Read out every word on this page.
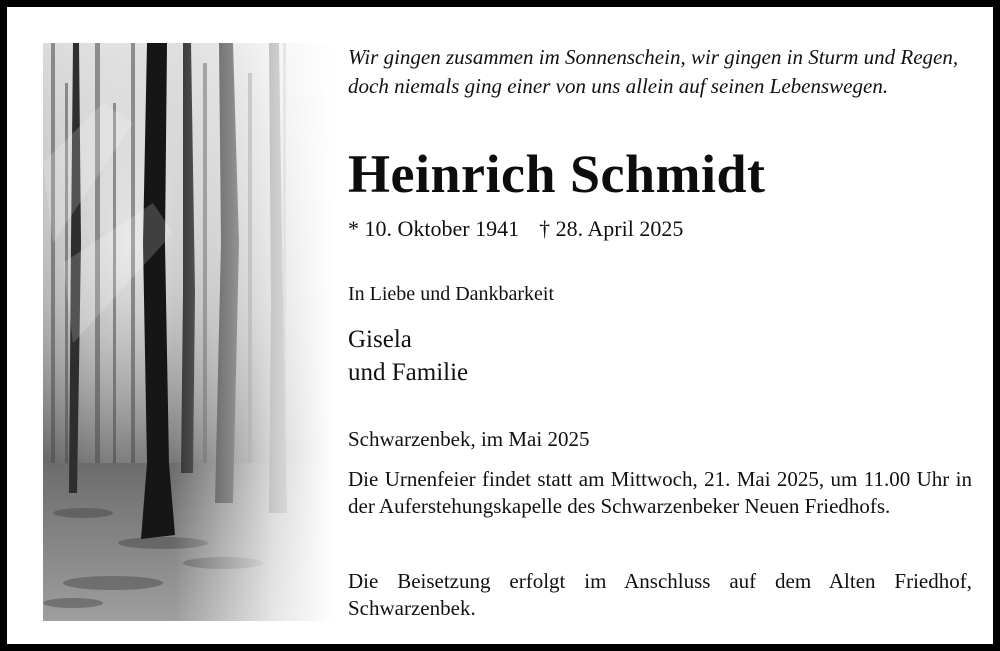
Wir gingen zusammen im Sonnenschein, wir gingen in Sturm und Regen,
doch niemals ging einer von uns allein auf seinen Lebenswegen.
Heinrich Schmidt
* 10. Oktober 1941 † 28. April 2025
In Liebe und Dankbarkeit
Gisela
und Familie
Schwarzenbek, im Mai 2025
Die Urnenfeier findet statt am Mittwoch, 21. Mai 2025, um 11.00 Uhr in der Auferstehungskapelle des Schwarzenbeker Neuen Friedhofs.
Die Beisetzung erfolgt im Anschluss auf dem Alten Friedhof, Schwarzenbek.
